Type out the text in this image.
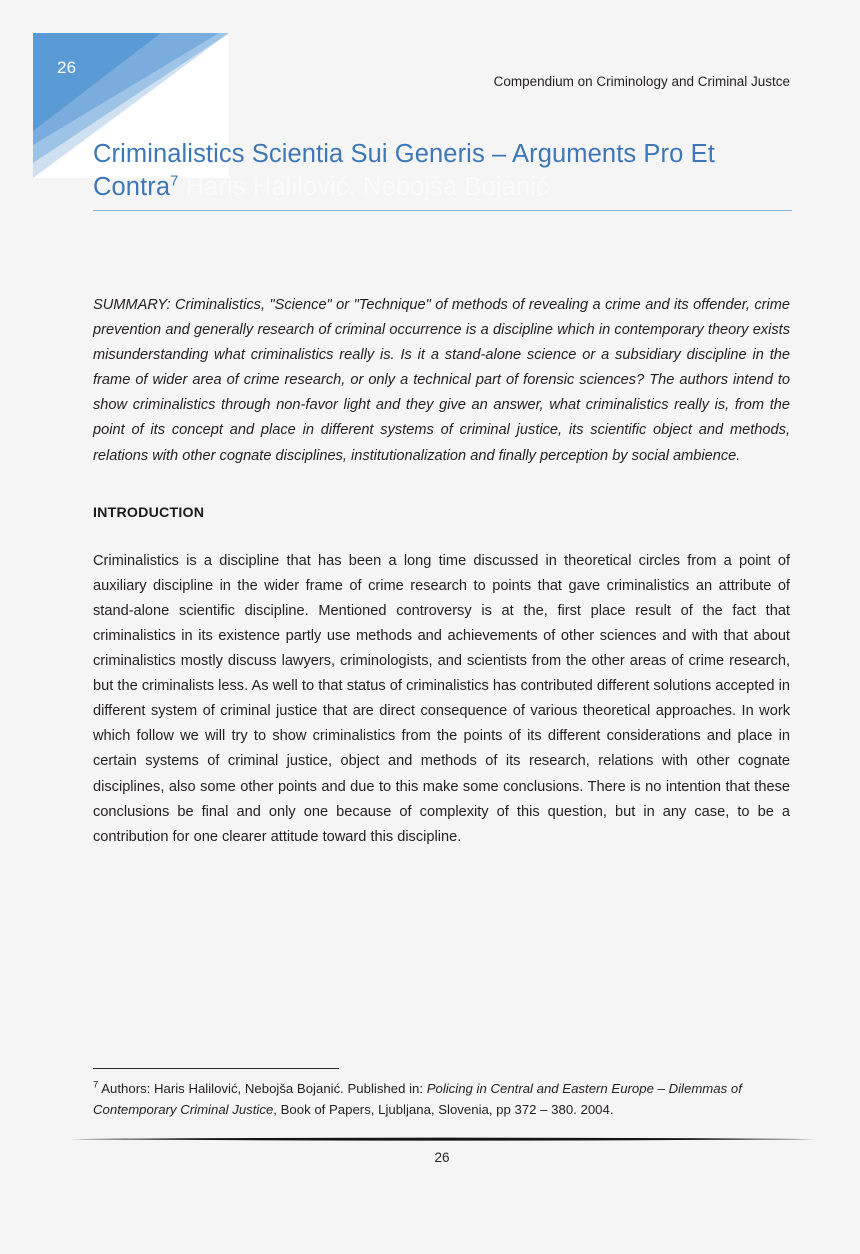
26
Compendium on Criminology and Criminal Justce
Criminalistics Scientia Sui Generis – Arguments Pro Et Contra$^7$ Haris Halilović, Nebojša Bojanić

SUMMARY: Criminalistics, "Science" or "Technique" of methods of revealing a crime and its offender, crime prevention and generally research of criminal occurrence is a discipline which in contemporary theory exists misunderstanding what criminalistics really is. Is it a stand-alone science or a subsidiary discipline in the frame of wider area of crime research, or only a technical part of forensic sciences? The authors intend to show criminalistics through non-favor light and they give an answer, what criminalistics really is, from the point of its concept and place in different systems of criminal justice, its scientific object and methods, relations with other cognate disciplines, institutionalization and finally perception by social ambience.

INTRODUCTION

Criminalistics is a discipline that has been a long time discussed in theoretical circles from a point of auxiliary discipline in the wider frame of crime research to points that gave criminalistics an attribute of stand-alone scientific discipline. Mentioned controversy is at the, first place result of the fact that criminalistics in its existence partly use methods and achievements of other sciences and with that about criminalistics mostly discuss lawyers, criminologists, and scientists from the other areas of crime research, but the criminalists less. As well to that status of criminalistics has contributed different solutions accepted in different system of criminal justice that are direct consequence of various theoretical approaches. In work which follow we will try to show criminalistics from the points of its different considerations and place in certain systems of criminal justice, object and methods of its research, relations with other cognate disciplines, also some other points and due to this make some conclusions. There is no intention that these conclusions be final and only one because of complexity of this question, but in any case, to be a contribution for one clearer attitude toward this discipline.

$^7$ Authors: Haris Halilović, Nebojša Bojanić. Published in: Policing in Central and Eastern Europe – Dilemmas of Contemporary Criminal Justice, Book of Papers, Ljubljana, Slovenia, pp 372 – 380. 2004.

26
